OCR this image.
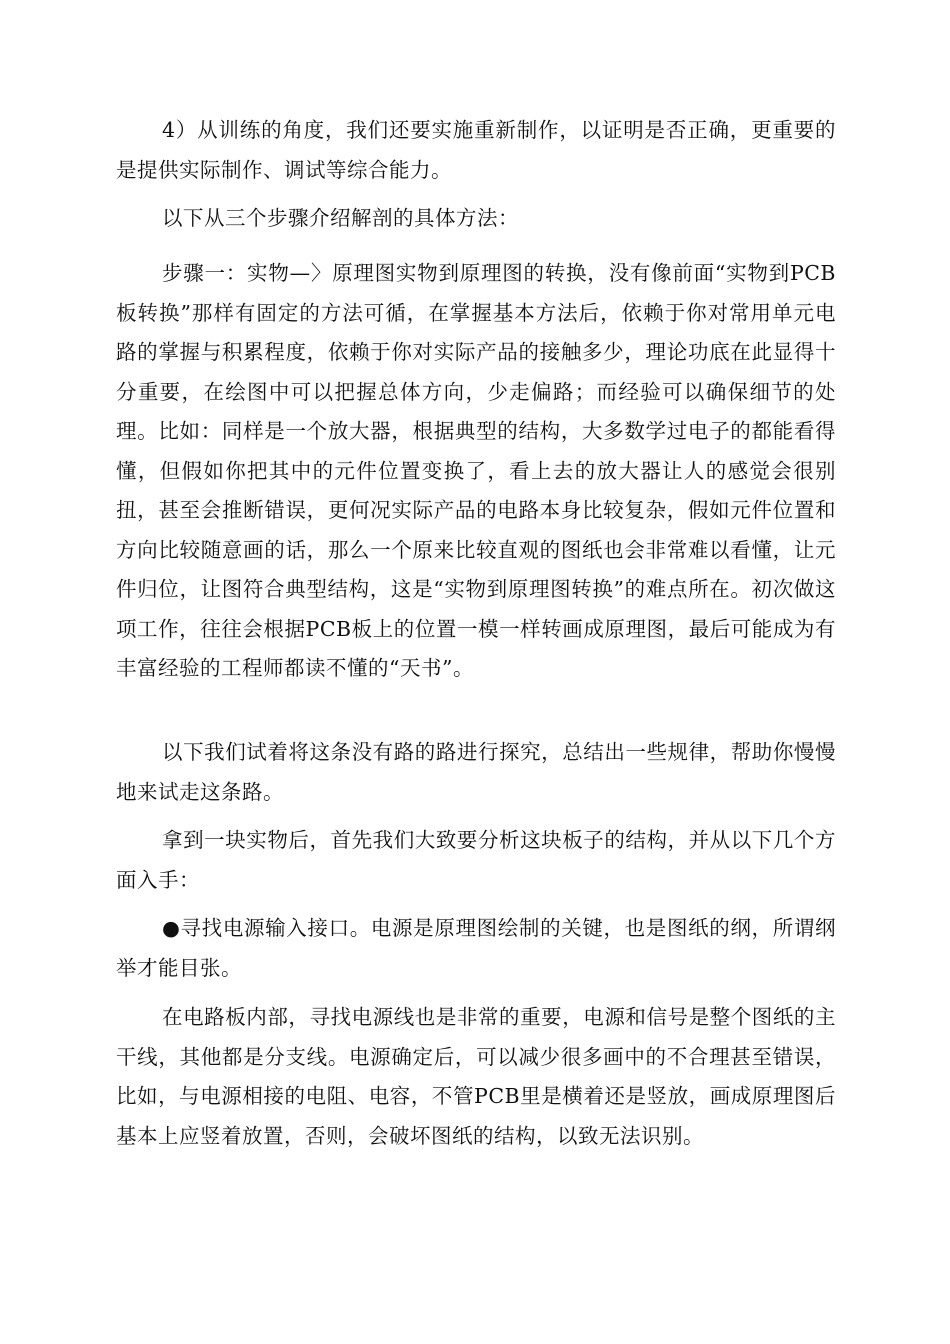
4）从训练的角度，我们还要实施重新制作，以证明是否正确，更重要的是提供实际制作、调试等综合能力。

以下从三个步骤介绍解剖的具体方法：

步骤一：实物—〉原理图实物到原理图的转换，没有像前面“实物到PCB板转换”那样有固定的方法可循，在掌握基本方法后，依赖于你对常用单元电路的掌握与积累程度，依赖于你对实际产品的接触多少，理论功底在此显得十分重要，在绘图中可以把握总体方向，少走偏路；而经验可以确保细节的处理。比如：同样是一个放大器，根据典型的结构，大多数学过电子的都能看得懂，但假如你把其中的元件位置变换了，看上去的放大器让人的感觉会很别扭，甚至会推断错误，更何况实际产品的电路本身比较复杂，假如元件位置和方向比较随意画的话，那么一个原来比较直观的图纸也会非常难以看懂，让元件归位，让图符合典型结构，这是“实物到原理图转换”的难点所在。初次做这项工作，往往会根据PCB板上的位置一模一样转画成原理图，最后可能成为有丰富经验的工程师都读不懂的“天书”。

以下我们试着将这条没有路的路进行探究，总结出一些规律，帮助你慢慢地来试走这条路。

拿到一块实物后，首先我们大致要分析这块板子的结构，并从以下几个方面入手：

●寻找电源输入接口。电源是原理图绘制的关键，也是图纸的纲，所谓纲举才能目张。

在电路板内部，寻找电源线也是非常的重要，电源和信号是整个图纸的主干线，其他都是分支线。电源确定后，可以减少很多画中的不合理甚至错误，比如，与电源相接的电阻、电容，不管PCB里是横着还是竖放，画成原理图后基本上应竖着放置，否则，会破坏图纸的结构，以致无法识别。
